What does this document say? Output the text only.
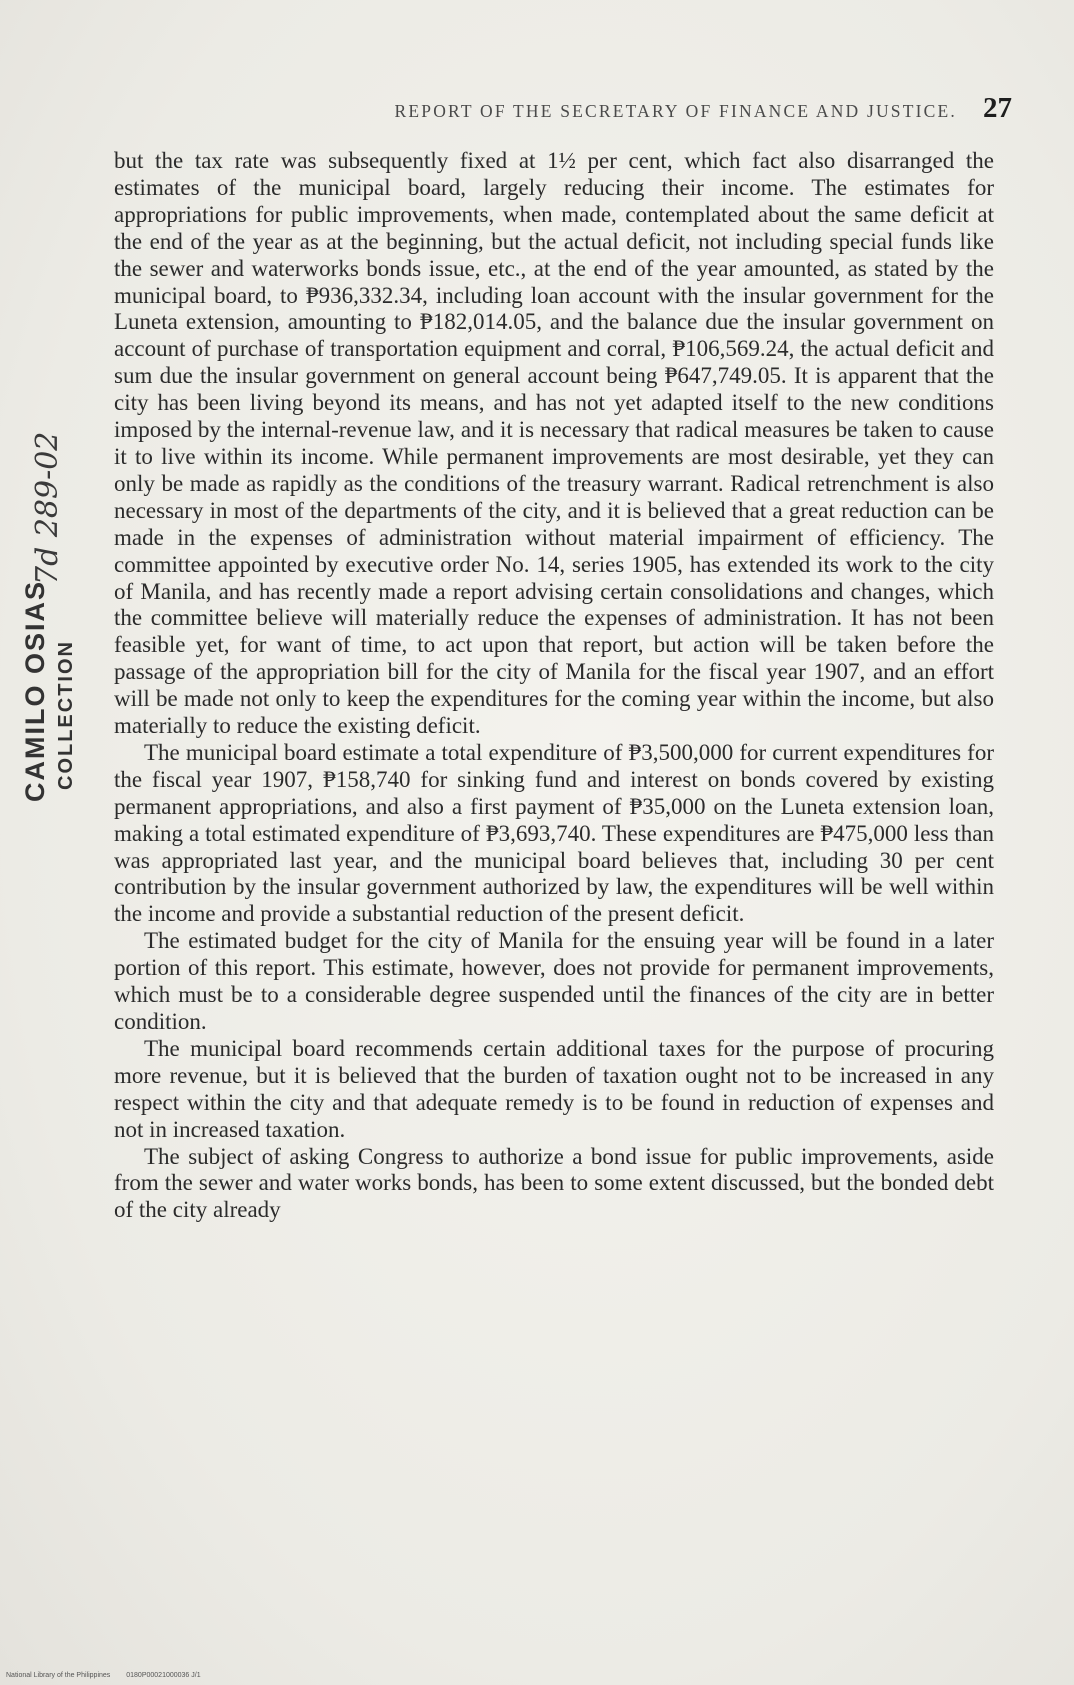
REPORT OF THE SECRETARY OF FINANCE AND JUSTICE. 27

but the tax rate was subsequently fixed at 1½ per cent, which fact also disarranged the estimates of the municipal board, largely reducing their income. The estimates for appropriations for public improvements, when made, contemplated about the same deficit at the end of the year as at the beginning, but the actual deficit, not including special funds like the sewer and waterworks bonds issue, etc., at the end of the year amounted, as stated by the municipal board, to ₱936,332.34, including loan account with the insular government for the Luneta extension, amounting to ₱182,014.05, and the balance due the insular government on account of purchase of transportation equipment and corral, ₱106,569.24, the actual deficit and sum due the insular government on general account being ₱647,749.05. It is apparent that the city has been living beyond its means, and has not yet adapted itself to the new conditions imposed by the internal-revenue law, and it is necessary that radical measures be taken to cause it to live within its income. While permanent improvements are most desirable, yet they can only be made as rapidly as the conditions of the treasury warrant. Radical retrenchment is also necessary in most of the departments of the city, and it is believed that a great reduction can be made in the expenses of administration without material impairment of efficiency. The committee appointed by executive order No. 14, series 1905, has extended its work to the city of Manila, and has recently made a report advising certain consolidations and changes, which the committee believe will materially reduce the expenses of administration. It has not been feasible yet, for want of time, to act upon that report, but action will be taken before the passage of the appropriation bill for the city of Manila for the fiscal year 1907, and an effort will be made not only to keep the expenditures for the coming year within the income, but also materially to reduce the existing deficit.

The municipal board estimate a total expenditure of ₱3,500,000 for current expenditures for the fiscal year 1907, ₱158,740 for sinking fund and interest on bonds covered by existing permanent appropriations, and also a first payment of ₱35,000 on the Luneta extension loan, making a total estimated expenditure of ₱3,693,740. These expenditures are ₱475,000 less than was appropriated last year, and the municipal board believes that, including 30 per cent contribution by the insular government authorized by law, the expenditures will be well within the income and provide a substantial reduction of the present deficit.

The estimated budget for the city of Manila for the ensuing year will be found in a later portion of this report. This estimate, however, does not provide for permanent improvements, which must be to a considerable degree suspended until the finances of the city are in better condition.

The municipal board recommends certain additional taxes for the purpose of procuring more revenue, but it is believed that the burden of taxation ought not to be increased in any respect within the city and that adequate remedy is to be found in reduction of expenses and not in increased taxation.

The subject of asking Congress to authorize a bond issue for public improvements, aside from the sewer and water works bonds, has been to some extent discussed, but the bonded debt of the city already

7d 289-02
CAMILO OSIAS COLLECTION
National Library of the Philippines 0180P00021000036 J/1
